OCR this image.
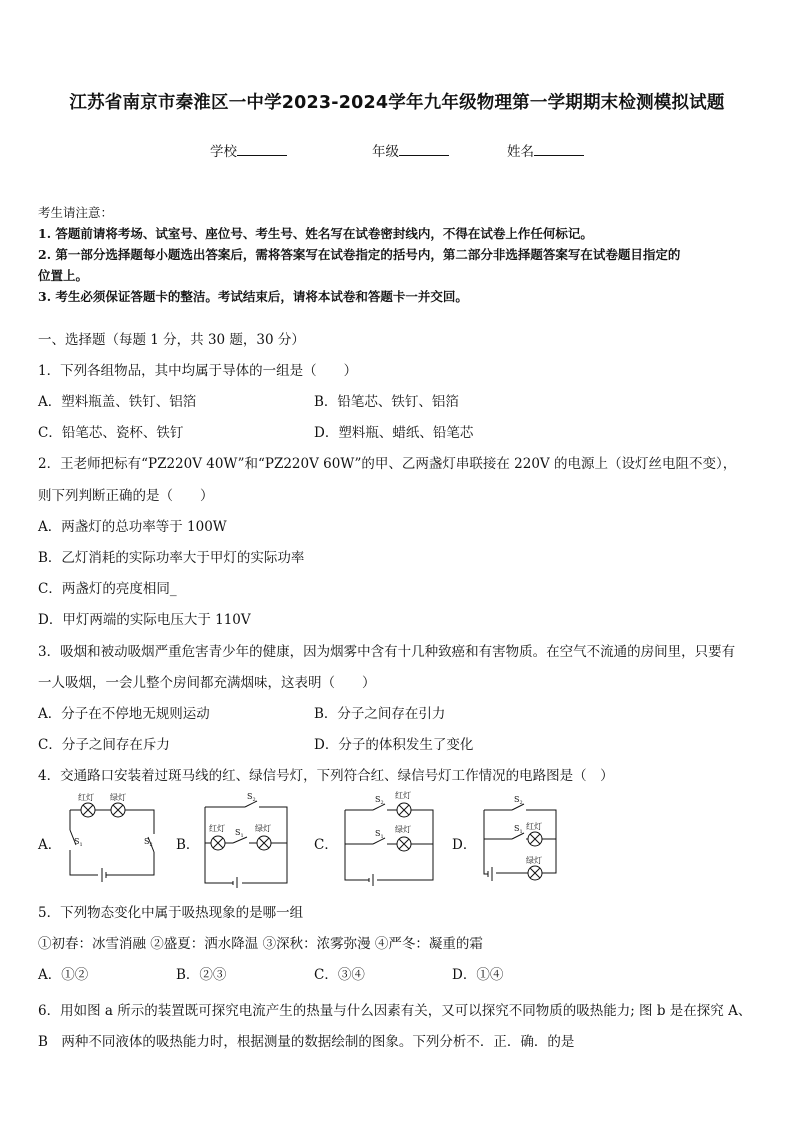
江苏省南京市秦淮区一中学2023-2024学年九年级物理第一学期期末检测模拟试题
学校	年级	姓名
考生请注意：
1. 答题前请将考场、试室号、座位号、考生号、姓名写在试卷密封线内，不得在试卷上作任何标记。
2. 第一部分选择题每小题选出答案后，需将答案写在试卷指定的括号内，第二部分非选择题答案写在试卷题目指定的
位置上。
3. 考生必须保证答题卡的整洁。考试结束后，请将本试卷和答题卡一并交回。
一、选择题（每题 1 分，共 30 题，30 分）
1．下列各组物品，其中均属于导体的一组是（　　）
A．塑料瓶盖、铁钉、铝箔	B．铅笔芯、铁钉、铝箔
C．铅笔芯、瓷杯、铁钉	D．塑料瓶、蜡纸、铅笔芯
2．王老师把标有“PZ220V 40W”和“PZ220V 60W”的甲、乙两盏灯串联接在 220V 的电源上（设灯丝电阻不变），
则下列判断正确的是（　　）
A．两盏灯的总功率等于 100W
B．乙灯消耗的实际功率大于甲灯的实际功率
C．两盏灯的亮度相同_
D．甲灯两端的实际电压大于 110V
3．吸烟和被动吸烟严重危害青少年的健康，因为烟雾中含有十几种致癌和有害物质。在空气不流通的房间里，只要有
一人吸烟，一会儿整个房间都充满烟味，这表明（　　）
A．分子在不停地无规则运动	B．分子之间存在引力
C．分子之间存在斥力	D．分子的体积发生了变化
4．交通路口安装着过斑马线的红、绿信号灯，下列符合红、绿信号灯工作情况的电路图是（　）
A．
红灯 绿灯
$S_1$	$S_2$ B．
红灯	绿灯
$S_2$
$S_1$
C．
红灯
绿灯
$S_2$
$S_1$	D．
红灯
绿灯
$S_2$
$S_1$
5．下列物态变化中属于吸热现象的是哪一组
①初春：冰雪消融 ②盛夏：洒水降温 ③深秋：浓雾弥漫 ④严冬：凝重的霜
A．①②	B．②③	C．③④	D．①④
6．用如图 a 所示的装置既可探究电流产生的热量与什么因素有关，又可以探究不同物质的吸热能力; 图 b 是在探究 A、
B　两种不同液体的吸热能力时，根据测量的数据绘制的图象。下列分析不．正．确．的是
